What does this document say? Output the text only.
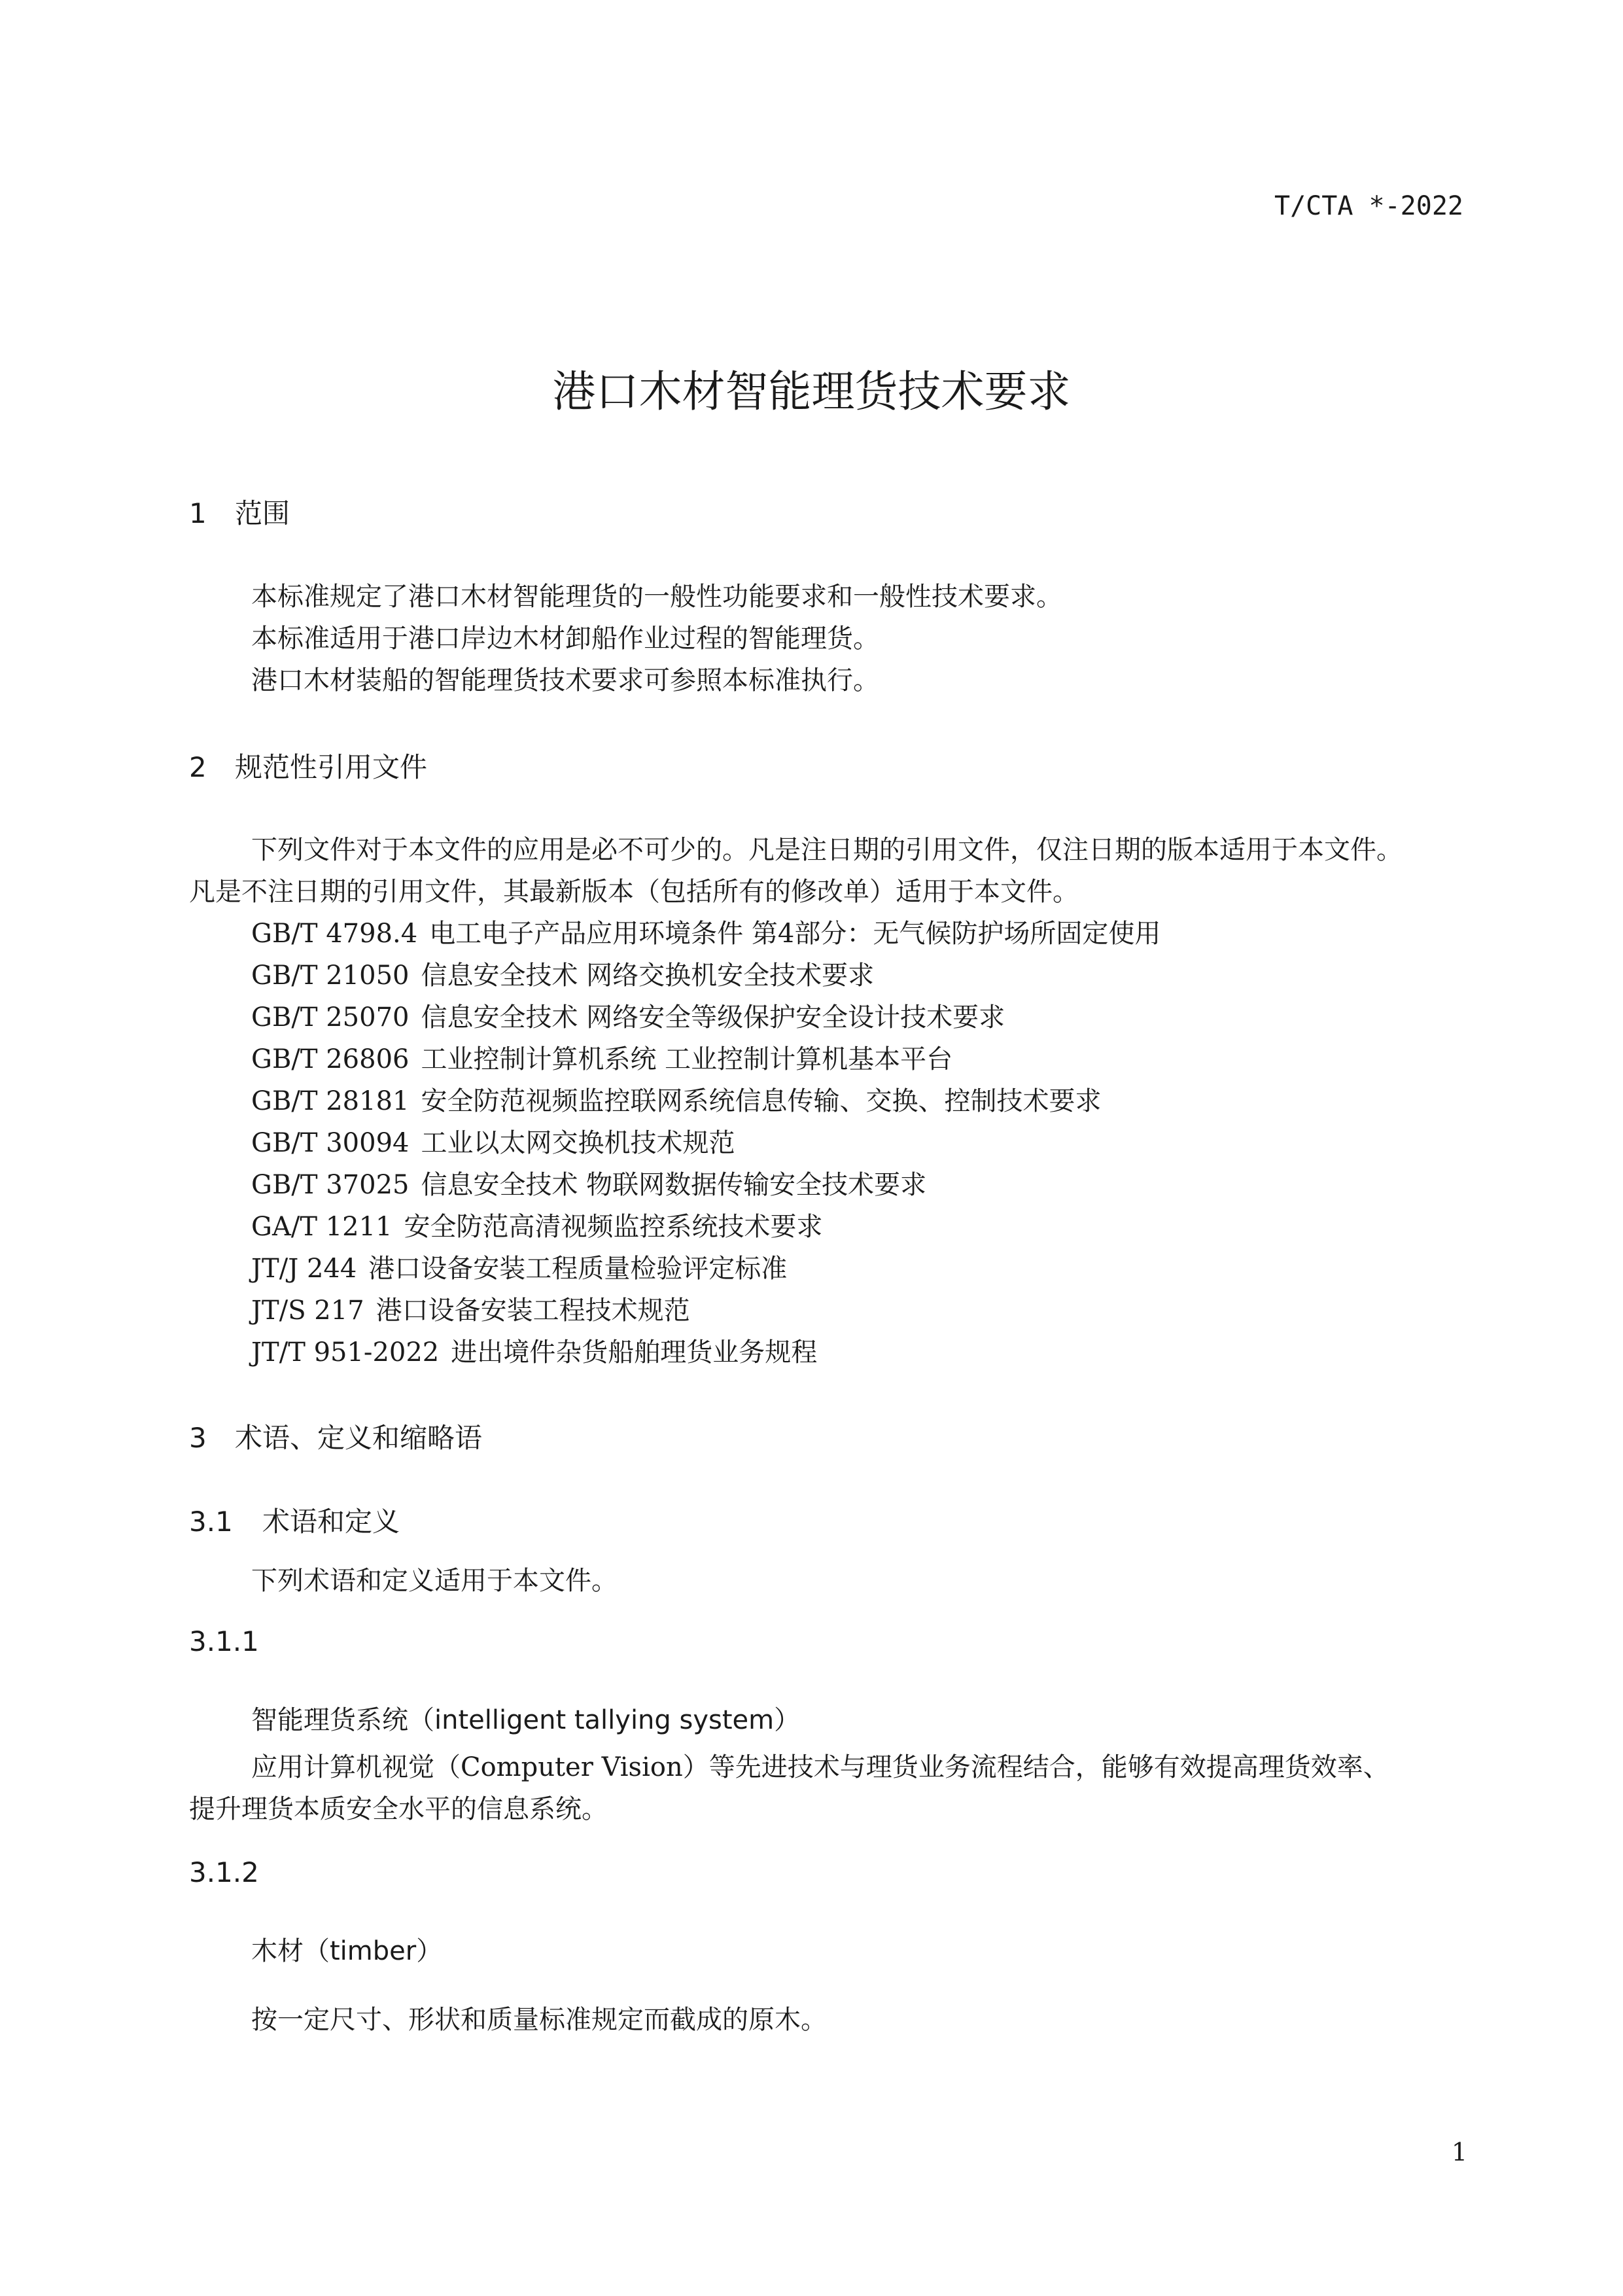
T/CTA *-2022
港口木材智能理货技术要求
1 范围
本标准规定了港口木材智能理货的一般性功能要求和一般性技术要求。
本标准适用于港口岸边木材卸船作业过程的智能理货。
港口木材装船的智能理货技术要求可参照本标准执行。
2 规范性引用文件
下列文件对于本文件的应用是必不可少的。凡是注日期的引用文件，仅注日期的版本适用于本文件。
凡是不注日期的引用文件，其最新版本（包括所有的修改单）适用于本文件。
GB/T 4798.4 电工电子产品应用环境条件 第4部分：无气候防护场所固定使用
GB/T 21050 信息安全技术 网络交换机安全技术要求
GB/T 25070 信息安全技术 网络安全等级保护安全设计技术要求
GB/T 26806 工业控制计算机系统 工业控制计算机基本平台
GB/T 28181 安全防范视频监控联网系统信息传输、交换、控制技术要求
GB/T 30094 工业以太网交换机技术规范
GB/T 37025 信息安全技术 物联网数据传输安全技术要求
GA/T 1211 安全防范高清视频监控系统技术要求
JT/J 244 港口设备安装工程质量检验评定标准
JT/S 217 港口设备安装工程技术规范
JT/T 951-2022 进出境件杂货船舶理货业务规程
3 术语、定义和缩略语
3.1 术语和定义
下列术语和定义适用于本文件。
3.1.1
智能理货系统（intelligent tallying system）
应用计算机视觉（Computer Vision）等先进技术与理货业务流程结合，能够有效提高理货效率、
提升理货本质安全水平的信息系统。
3.1.2
木材（timber）
按一定尺寸、形状和质量标准规定而截成的原木。
1
